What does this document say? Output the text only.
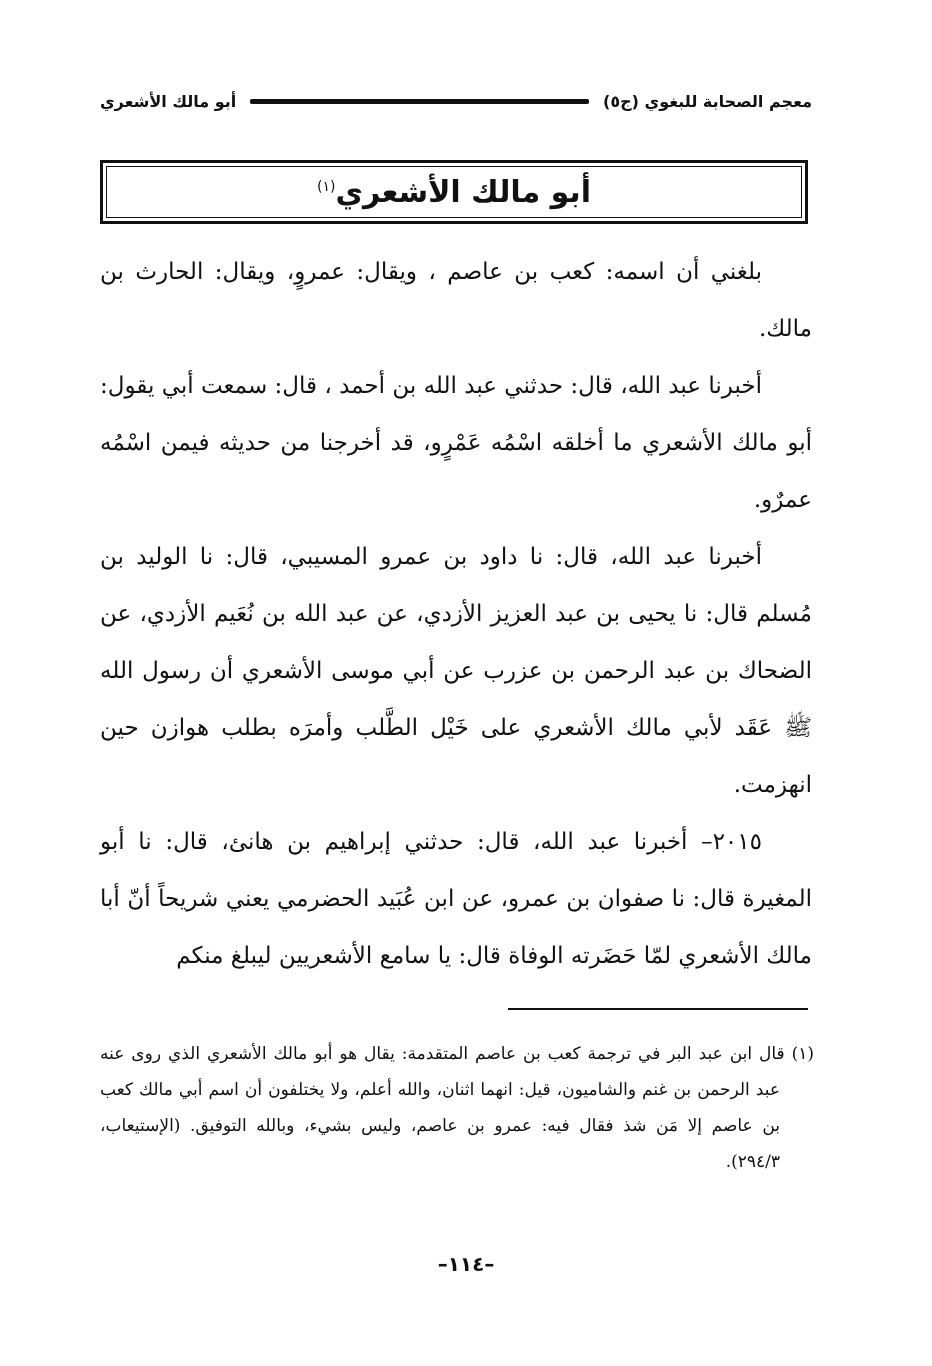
معجم الصحابة للبغوي (ج٥)
أبو مالك الأشعري
أبو مالك الأشعري$^{(١)}$

بلغني أن اسمه: كعب بن عاصم ، ويقال: عمروٍ، ويقال: الحارث بن مالك.

أخبرنا عبد الله، قال: حدثني عبد الله بن أحمد ، قال: سمعت أبي يقول: أبو مالك الأشعري ما أخلقه اسْمُه عَمْرٍو، قد أخرجنا من حديثه فيمن اسْمُه عمرٌو.

أخبرنا عبد الله، قال: نا داود بن عمرو المسيبي، قال: نا الوليد بن مُسلم قال: نا يحيى بن عبد العزيز الأزدي، عن عبد الله بن نُعَيم الأزدي، عن الضحاك بن عبد الرحمن بن عزرب عن أبي موسى الأشعري أن رسول الله ﷺ عَقَد لأبي مالك الأشعري على خَيْل الطَّلب وأمرَه بطلب هوازن حين انهزمت.

٢٠١٥– أخبرنا عبد الله، قال: حدثني إبراهيم بن هانئ، قال: نا أبو المغيرة قال: نا صفوان بن عمرو، عن ابن عُبَيد الحضرمي يعني شريحاً أنّ أبا مالك الأشعري لمّا حَضَرته الوفاة قال: يا سامع الأشعريين ليبلغ منكم

(١) قال ابن عبد البر في ترجمة كعب بن عاصم المتقدمة: يقال هو أبو مالك الأشعري الذي روى عنه عبد الرحمن بن غنم والشاميون، قيل: انهما اثنان، والله أعلم، ولا يختلفون أن اسم أبي مالك كعب بن عاصم إلا مَن شذ فقال فيه: عمرو بن عاصم، وليس بشيء، وبالله التوفيق. (الإستيعاب، ٢٩٤/٣).

–١١٤–
